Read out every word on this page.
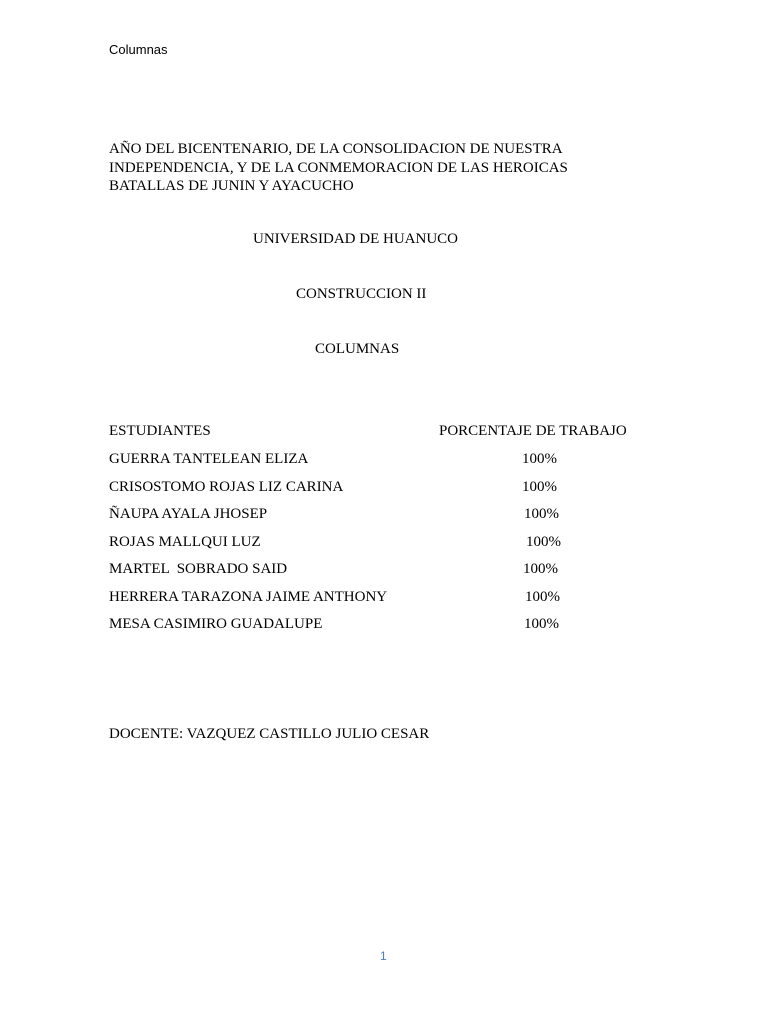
Columnas
AÑO DEL BICENTENARIO, DE LA CONSOLIDACION DE NUESTRA
INDEPENDENCIA, Y DE LA CONMEMORACION DE LAS HEROICAS
BATALLAS DE JUNIN Y AYACUCHO
UNIVERSIDAD DE HUANUCO
CONSTRUCCION II
COLUMNAS
ESTUDIANTES	PORCENTAJE DE TRABAJO
GUERRA TANTELEAN ELIZA	100%
CRISOSTOMO ROJAS LIZ CARINA	100%
ÑAUPA AYALA JHOSEP	100%
ROJAS MALLQUI LUZ	100%
MARTEL  SOBRADO SAID	100%
HERRERA TARAZONA JAIME ANTHONY	100%
MESA CASIMIRO GUADALUPE	100%
DOCENTE: VAZQUEZ CASTILLO JULIO CESAR
1
